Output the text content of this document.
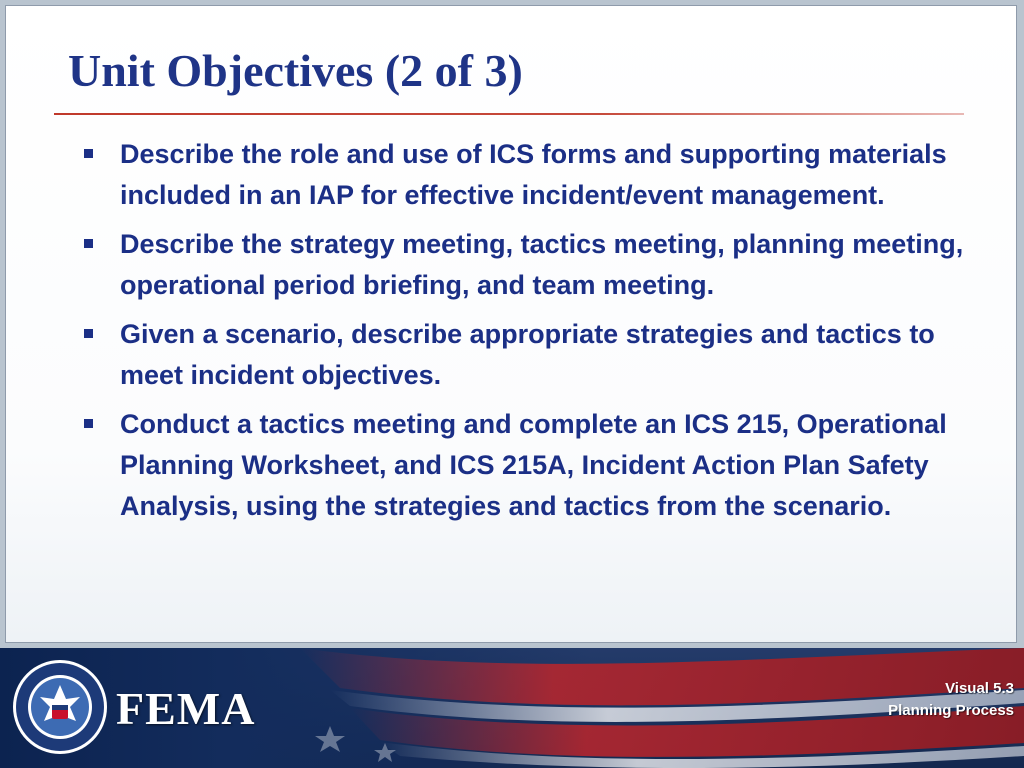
Unit Objectives (2 of 3)
Describe the role and use of ICS forms and supporting materials included in an IAP for effective incident/event management.
Describe the strategy meeting, tactics meeting, planning meeting, operational period briefing, and team meeting.
Given a scenario, describe appropriate strategies and tactics to meet incident objectives.
Conduct a tactics meeting and complete an ICS 215, Operational Planning Worksheet, and ICS 215A, Incident Action Plan Safety Analysis, using the strategies and tactics from the scenario.
FEMA	Visual 5.3
Planning Process
